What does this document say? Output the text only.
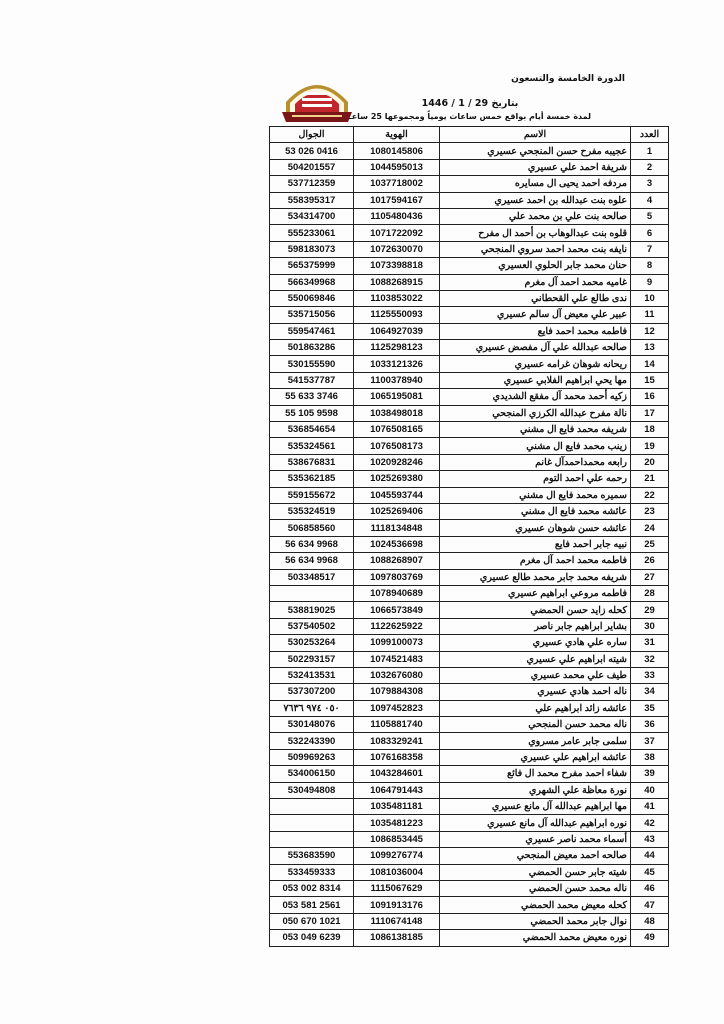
الدورة الخامسة والتسعون
بتاريخ 29 / 1 / 1446
لمدة خمسة أيام بواقع خمس ساعات يومياً ومجموعها 25 ساعـ
الجوال	الهوية	الاسم	العدد
53 026 0416	1080145806	عجيبه مفرح حسن المنجحي عسيري	1
504201557	1044595013	شريفة احمد علي عسيري	2
537712359	1037718002	مردفه احمد يحيى ال مسايره	3
558395317	1017594167	علوه بنت عبدالله بن احمد عسيري	4
534314700	1105480436	صالحه بنت علي بن محمد علي	5
555233061	1071722092	قلوه بنت عبدالوهاب بن أحمد ال مفرح	6
598183073	1072630070	نايفه بنت محمد احمد سروي المنجحي	7
565375999	1073398818	حنان محمد جابر الحلوي العسيري	8
566349968	1088268915	غاميه محمد احمد آل مغرم	9
550069846	1103853022	ندى طالع علي القحطاني	10
535715056	1125550093	عبير علي معيض آل سالم عسيري	11
559547461	1064927039	فاطمه محمد احمد فايع	12
501863286	1125298123	صالحه عبدالله علي آل مفصض عسيري	13
530155590	1033121326	ريحانه شوهان غرامه عسيري	14
541537787	1100378940	مها يحي ابراهيم الفلابي عسيري	15
55 633 3746	1065195081	زكيه أحمد محمد آل مفقع الشديدي	16
55 105 9598	1038498018	نالة مفرح عبدالله الكرزي المنجحي	17
536854654	1076508165	شريفه محمد فايع ال مشني	18
535324561	1076508173	زينب محمد فايع ال مشني	19
538676831	1020928246	رابعه محمداحمدآل غانم	20
535362185	1025269380	رحمه علي احمد التوم	21
559155672	1045593744	سميره محمد فايع ال مشني	22
535324519	1025269406	عائشه محمد فايع ال مشني	23
506858560	1118134848	عائشه حسن شوهان عسيري	24
56 634 9968	1024536698	نبيه جابر احمد فايع	25
56 634 9968	1088268907	فاطمه محمد احمد آل مغرم	26
503348517	1097803769	شريفه محمد جابر محمد طالع عسيري	27
	1078940689	فاطمه مروعي ابراهيم عسيري	28
538819025	1066573849	كحله زايد حسن الحمضي	29
537540502	1122625922	بشاير ابراهيم جابر ناصر	30
530253264	1099100073	ساره علي هادي عسيري	31
502293157	1074521483	شيته ابراهيم علي عسيري	32
532413531	1032676080	طيف علي محمد عسيري	33
537307200	1079884308	ناله احمد هادي عسيري	34
٠٥٠ ٩٧٤ ٧٦٣٦	1097452823	عائشه زائد ابراهيم علي	35
530148076	1105881740	ناله محمد حسن المنجحي	36
532243390	1083329241	سلمى جابر عامر مسروي	37
509969263	1076168358	عائشه ابراهيم علي عسيري	38
534006150	1043284601	شفاء احمد مفرح محمد ال فائع	39
530494808	1064791443	نورة معاظة علي الشهري	40
	1035481181	مها ابراهيم عبدالله آل مانع عسيري	41
	1035481223	نوره ابراهيم عبدالله آل مانع عسيري	42
	1086853445	أسماء محمد ناصر عسيري	43
553683590	1099276774	صالحه احمد معيض المنجحي	44
533459333	1081036004	شيته جابر حسن الحمضي	45
053 002 8314	1115067629	ناله محمد حسن الحمضي	46
053 581 2561	1091913176	كحله معيض محمد الحمضي	47
050 670 1021	1110674148	نوال جابر محمد الحمضي	48
053 049 6239	1086138185	نوره معيض محمد الحمضي	49
